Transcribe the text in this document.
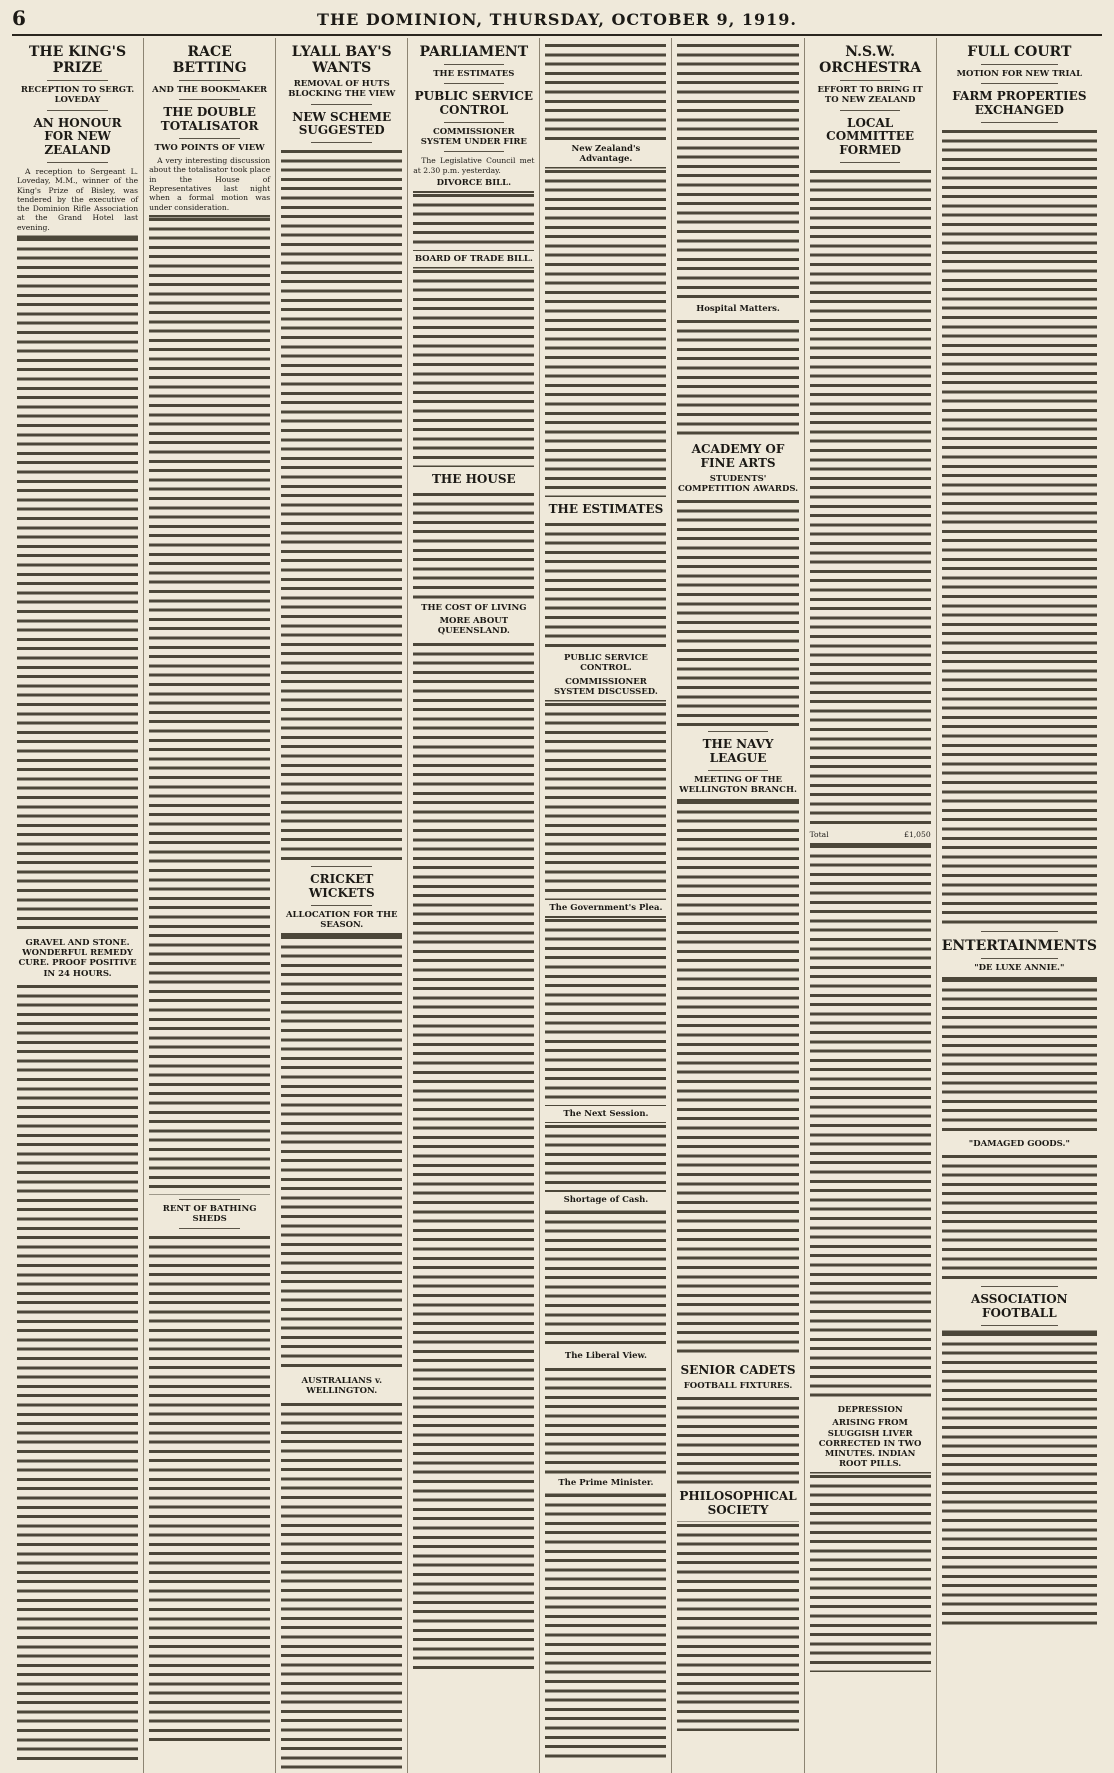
6	THE DOMINION, THURSDAY, OCTOBER 9, 1919.
THE KING'S PRIZE
RECEPTION TO SERGT. LOVEDAY
AN HONOUR FOR NEW ZEALAND

A reception to Sergeant L. Loveday, M.M., winner of the King's Prize of Bisley, was tendered by the executive of the Dominion Rifle Association at the Grand Hotel last evening.

GRAVEL AND STONE. WONDERFUL REMEDY CURE. PROOF POSITIVE IN 24 HOURS.
RACE BETTING
AND THE BOOKMAKER
THE DOUBLE TOTALISATOR
TWO POINTS OF VIEW

A very interesting discussion about the totalisator took place in the House of Representatives last night when a formal motion was under consideration.

RENT OF BATHING SHEDS
LYALL BAY'S WANTS
REMOVAL OF HUTS BLOCKING THE VIEW
NEW SCHEME SUGGESTED
CRICKET WICKETS
ALLOCATION FOR THE SEASON.
AUSTRALIANS v. WELLINGTON.
PARLIAMENT
THE ESTIMATES
PUBLIC SERVICE CONTROL
COMMISSIONER SYSTEM UNDER FIRE

The Legislative Council met at 2.30 p.m. yesterday.

DIVORCE BILL.
BOARD OF TRADE BILL.
THE HOUSE
THE COST OF LIVING
MORE ABOUT QUEENSLAND.
New Zealand's Advantage.
THE ESTIMATES
PUBLIC SERVICE CONTROL.
COMMISSIONER SYSTEM DISCUSSED.
The Government's Plea.
The Next Session.
Shortage of Cash.
The Liberal View.
The Prime Minister.
Hospital Matters.
ACADEMY OF FINE ARTS
STUDENTS' COMPETITION AWARDS.
THE NAVY LEAGUE
MEETING OF THE WELLINGTON BRANCH.
SENIOR CADETS
FOOTBALL FIXTURES.
PHILOSOPHICAL SOCIETY
N.S.W. ORCHESTRA
EFFORT TO BRING IT TO NEW ZEALAND
LOCAL COMMITTEE FORMED
Total	£1,050
DEPRESSION
ARISING FROM SLUGGISH LIVER CORRECTED IN TWO MINUTES. INDIAN ROOT PILLS.
FULL COURT
MOTION FOR NEW TRIAL
FARM PROPERTIES EXCHANGED
ENTERTAINMENTS
"DE LUXE ANNIE."
"DAMAGED GOODS."
ASSOCIATION FOOTBALL
